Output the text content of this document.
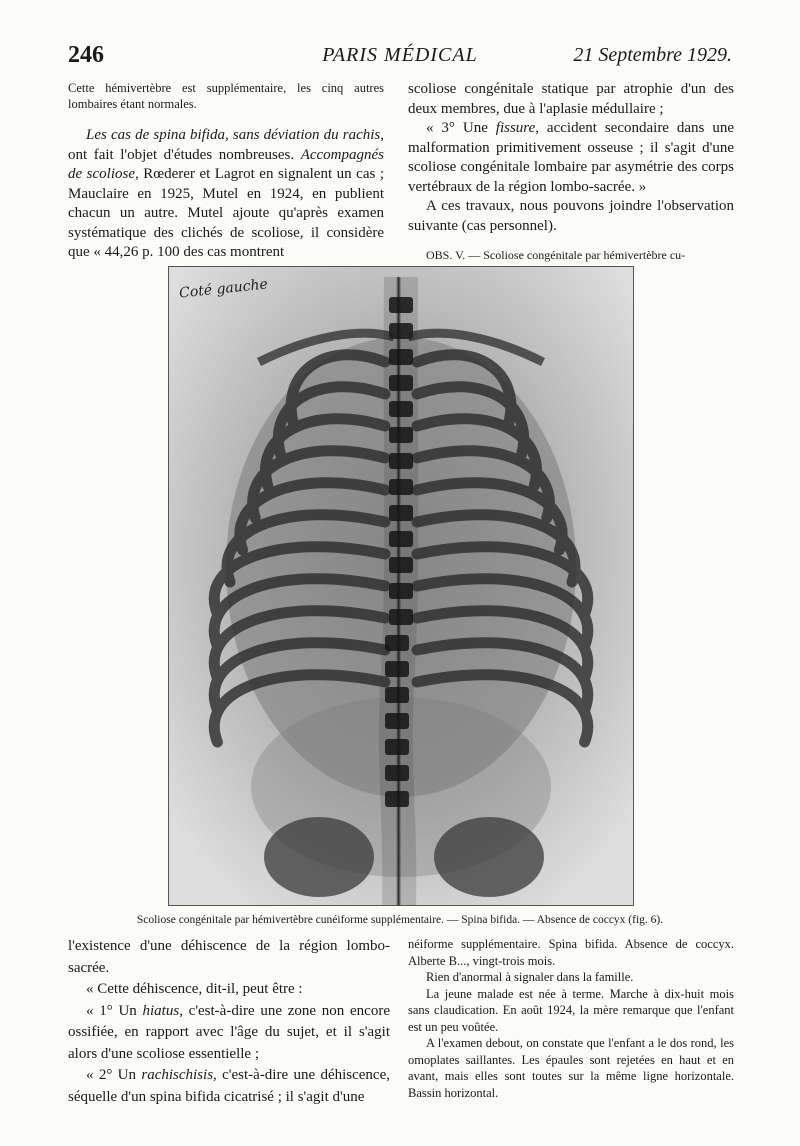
246	PARIS MÉDICAL	21 Septembre 1929.

Cette hémivertèbre est supplémentaire, les cinq autres lombaires étant normales.

Les cas de spina bifida, sans déviation du rachis, ont fait l'objet d'études nombreuses. Accompagnés de scoliose, Rœderer et Lagrot en signalent un cas ; Mauclaire en 1925, Mutel en 1924, en publient chacun un autre. Mutel ajoute qu'après examen systématique des clichés de scoliose, il considère que « 44,26 p. 100 des cas montrent

scoliose congénitale statique par atrophie d'un des deux membres, due à l'aplasie médullaire ;

« 3° Une fissure, accident secondaire dans une malformation primitivement osseuse ; il s'agit d'une scoliose congénitale lombaire par asymétrie des corps vertébraux de la région lombo-sacrée. »

A ces travaux, nous pouvons joindre l'observation suivante (cas personnel).

OBS. V. — Scoliose congénitale par hémivertèbre cu-

Coté gauche
Scoliose congénitale par hémivertèbre cunéiforme supplémentaire. — Spina bifida. — Absence de coccyx (fig. 6).

l'existence d'une déhiscence de la région lombo-sacrée.

« Cette déhiscence, dit-il, peut être :

« 1° Un hiatus, c'est-à-dire une zone non encore ossifiée, en rapport avec l'âge du sujet, et il s'agit alors d'une scoliose essentielle ;

« 2° Un rachischisis, c'est-à-dire une déhiscence, séquelle d'un spina bifida cicatrisé ; il s'agit d'une

néiforme supplémentaire. Spina bifida. Absence de coccyx. Alberte B..., vingt-trois mois.

Rien d'anormal à signaler dans la famille.

La jeune malade est née à terme. Marche à dix-huit mois sans claudication. En août 1924, la mère remarque que l'enfant est un peu voûtée.

A l'examen debout, on constate que l'enfant a le dos rond, les omoplates saillantes. Les épaules sont rejetées en haut et en avant, mais elles sont toutes sur la même ligne horizontale. Bassin horizontal.
